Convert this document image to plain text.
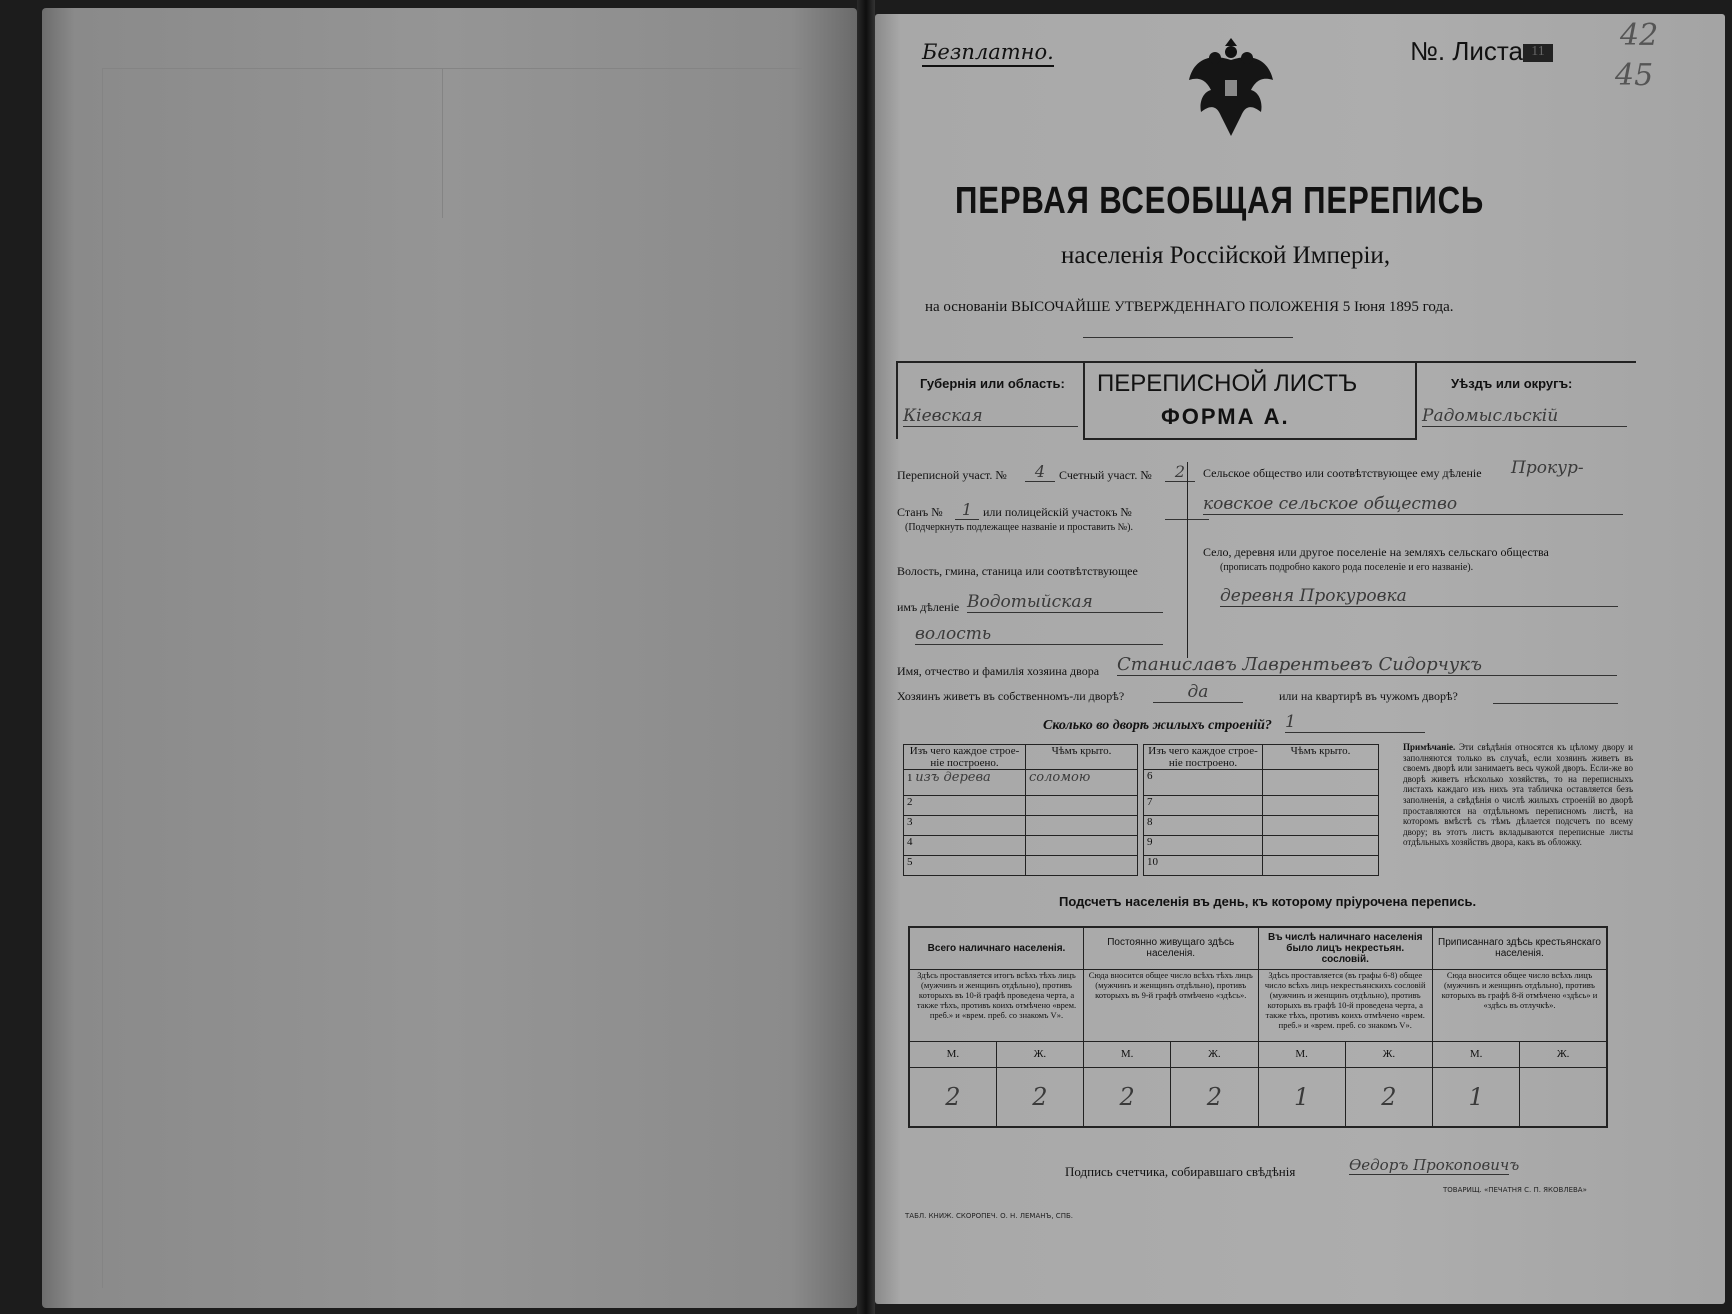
Безплатно.	№. Листа 11	42
45
ПЕРВАЯ ВСЕОБЩАЯ ПЕРЕПИСЬ
населенія Россійской Имперіи,
на основаніи ВЫСОЧАЙШЕ УТВЕРЖДЕННАГО ПОЛОЖЕНІЯ 5 Іюня 1895 года.
Губернія или область:
Кіевская
ПЕРЕПИСНОЙ ЛИСТЪ
ФОРМА А.
Уѣздъ или округъ:
Радомысльскій
Переписной участ. №	4	Счетный участ. №	2
Станъ №	1 или полицейскій участокъ №
(Подчеркнуть подлежащее названіе и проставить №).
Волость, гмина, станица или соотвѣтствующее
имъ дѣленіе Водотыйская
волость
Сельское общество или соотвѣтствующее ему дѣленіе Прокур-
ковское сельское общество
Село, деревня или другое поселеніе на земляхъ сельскаго общества
(прописать подробно какого рода поселеніе и его названіе).
деревня Прокуровка
Имя, отчество и фамилія хозяина двора Станиславъ Лаврентьевъ Сидорчукъ
Хозяинъ живетъ въ собственномъ-ли дворѣ?	да	или на квартирѣ въ чужомъ дворѣ?
Сколько во дворѣ жилыхъ строеній? 1
Изъ чего каждое строе-ніе построено.	Чѣмъ крыто.
1 изъ дерева	соломою
2	
3	
4	
5	
Изъ чего каждое строе-ніе построено.	Чѣмъ крыто.
6	
7	
8	
9	
10	
Примѣчаніе. Эти свѣдѣнія относятся къ цѣлому двору и заполняются только въ случаѣ, если хозяинъ живетъ въ своемъ дворѣ или занимаетъ весь чужой дворъ. Если-же во дворѣ живетъ нѣсколько хозяйствъ, то на переписныхъ листахъ каждаго изъ нихъ эта табличка оставляется безъ заполненія, а свѣдѣнія о числѣ жилыхъ строеній во дворѣ проставляются на отдѣльномъ переписномъ листѣ, на которомъ вмѣстѣ съ тѣмъ дѣлается подсчетъ по всему двору; въ этотъ листъ вкладываются переписные листы отдѣльныхъ хозяйствъ двора, какъ въ обложку.
Подсчетъ населенія въ день, къ которому пріурочена перепись.
Всего наличнаго населенія.		Постоянно живущаго здѣсь населенія.		Въ числѣ наличнаго населенія было лицъ некрестьян. сословій.		Приписаннаго здѣсь крестьянскаго населенія.	
Здѣсь проставляется итогъ всѣхъ тѣхъ лицъ (мужчинъ и женщинъ отдѣльно), противъ которыхъ въ 10-й графѣ проведена черта, а также тѣхъ, противъ коихъ отмѣчено «врем. преб.» и «врем. преб. со знакомъ V».		Сюда вносится общее число всѣхъ тѣхъ лицъ (мужчинъ и женщинъ отдѣльно), противъ которыхъ въ 9-й графѣ отмѣчено «здѣсь».		Здѣсь проставляется (въ графы 6-8) общее число всѣхъ лицъ некрестьянскихъ сословій (мужчинъ и женщинъ отдѣльно), противъ которыхъ въ графѣ 10-й проведена черта, а также тѣхъ, противъ коихъ отмѣчено «врем. преб.» и «врем. преб. со знакомъ V».		Сюда вносится общее число всѣхъ лицъ (мужчинъ и женщинъ отдѣльно), противъ которыхъ въ графѣ 8-й отмѣчено «здѣсь» и «здѣсь въ отлучкѣ».	
М.	Ж.	М.	Ж.	М.	Ж.	М.	Ж.
2	2	2	2	1	2	1	
Подпись счетчика, собиравшаго свѣдѣнія	Ѳедоръ Прокоповичъ
ТАБЛ. КНИЖ. СКОРОПЕЧ. О. Н. ЛЕМАНЪ, СПБ.
ТОВАРИЩ. «ПЕЧАТНЯ С. П. ЯКОВЛЕВА»
